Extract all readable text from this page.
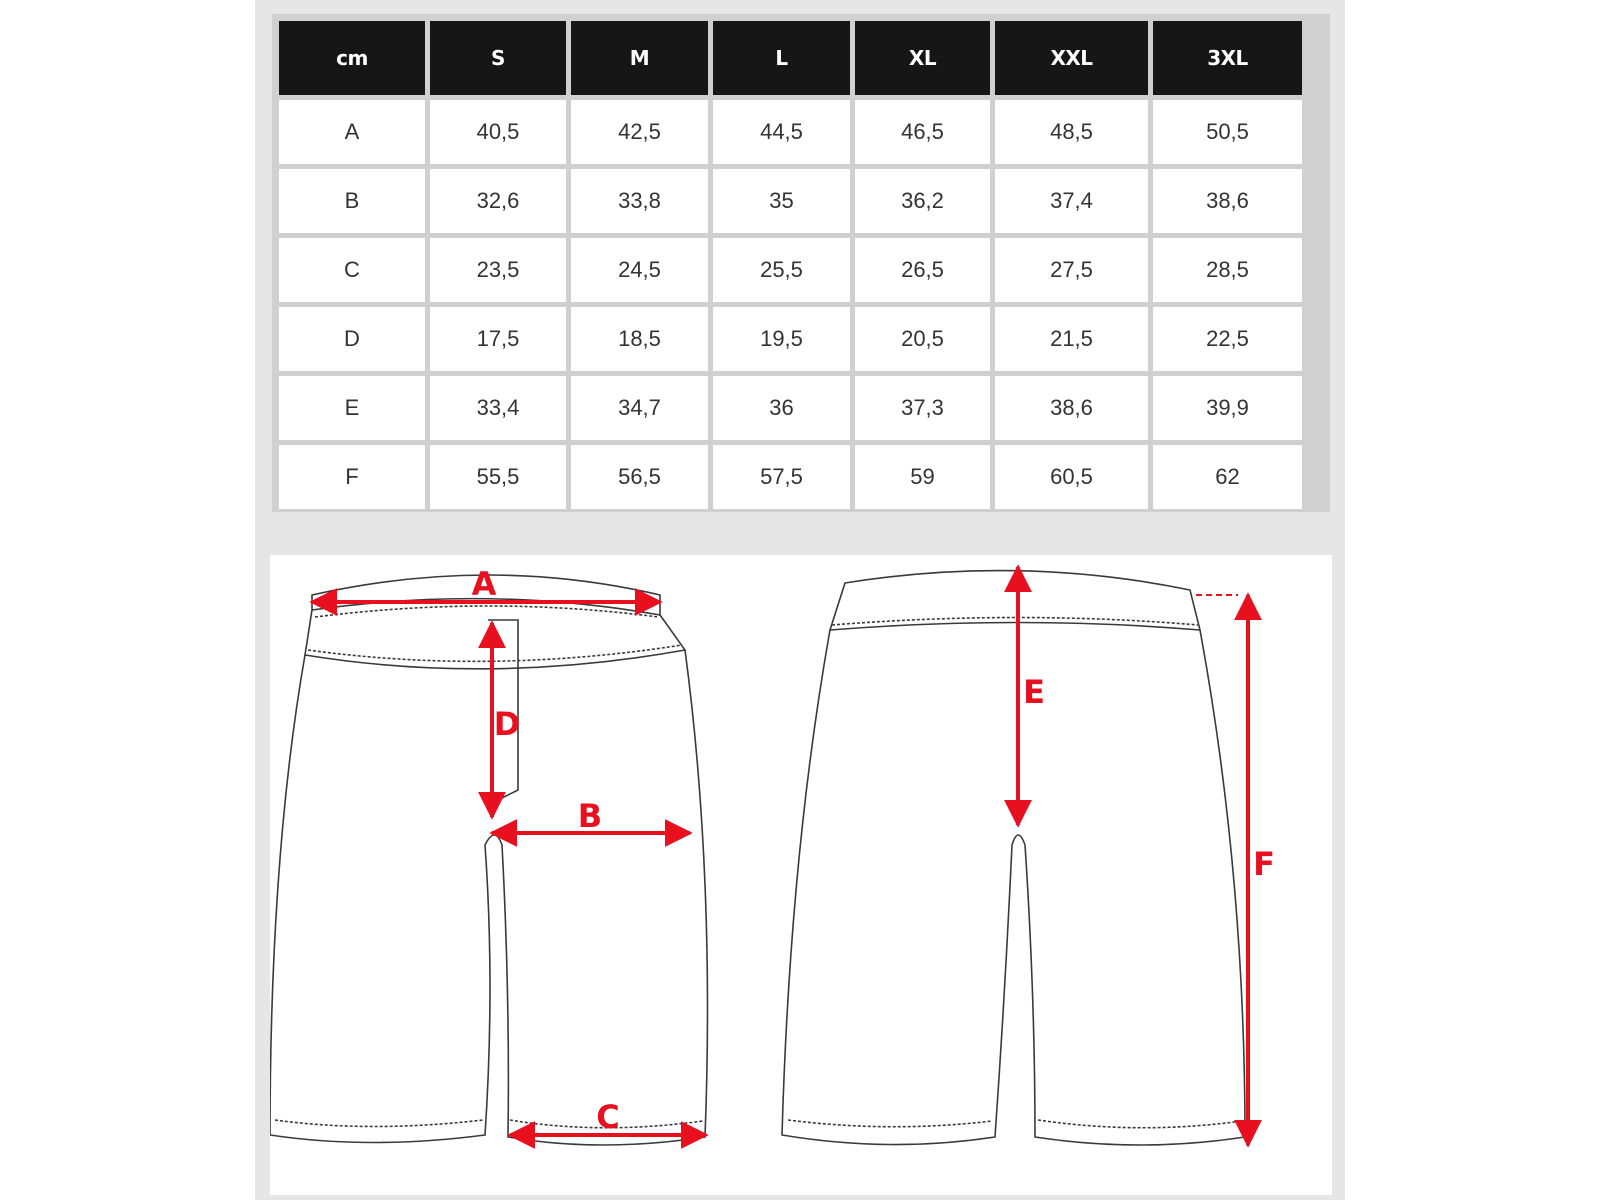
cm	S	M	L	XL	XXL	3XL
A	40,5	42,5	44,5	46,5	48,5	50,5
B	32,6	33,8	35	36,2	37,4	38,6
C	23,5	24,5	25,5	26,5	27,5	28,5
D	17,5	18,5	19,5	20,5	21,5	22,5
E	33,4	34,7	36	37,3	38,6	39,9
F	55,5	56,5	57,5	59	60,5	62
A
D
B
C
E
F
